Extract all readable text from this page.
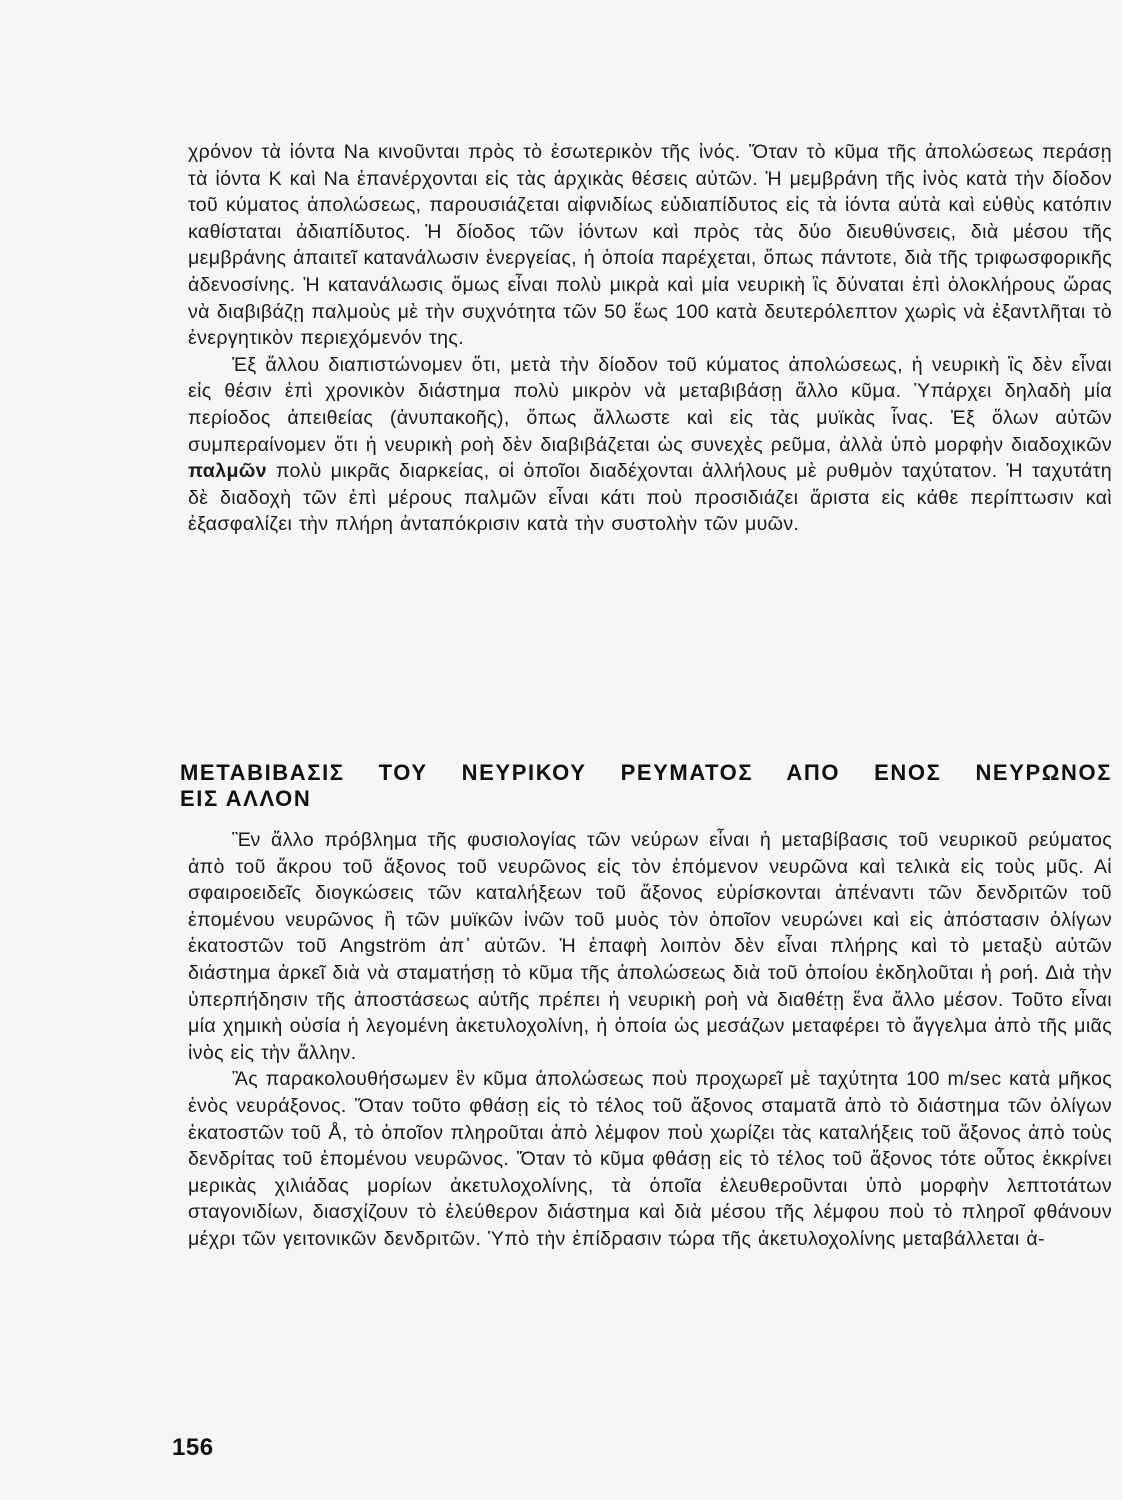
χρόνον τὰ ἰόντα Na κινοῦνται πρὸς τὸ ἐσωτερικὸν τῆς ἰνός. Ὅταν τὸ κῦμα τῆς ἀπολώσεως περάσῃ τὰ ἰόντα K καὶ Na ἐπανέρχονται εἰς τὰς ἀρχικὰς θέσεις αὐτῶν. Ἡ μεμβράνη τῆς ἰνὸς κατὰ τὴν δίοδον τοῦ κύματος ἀπολώσεως, παρουσιάζεται αἰφνιδίως εὐδιαπίδυτος εἰς τὰ ἰόντα αὐτὰ καὶ εὐθὺς κατόπιν καθίσταται ἀδιαπίδυτος. Ἡ δίοδος τῶν ἰόντων καὶ πρὸς τὰς δύο διευθύνσεις, διὰ μέσου τῆς μεμβράνης ἀπαιτεῖ κατανάλωσιν ἐνεργείας, ἡ ὁποία παρέχεται, ὅπως πάντοτε, διὰ τῆς τριφωσφορικῆς ἀδενοσίνης. Ἡ κατανάλωσις ὅμως εἶναι πολὺ μικρὰ καὶ μία νευρικὴ ἳς δύναται ἐπὶ ὁλοκλήρους ὥρας νὰ διαβιβάζῃ παλμοὺς μὲ τὴν συχνότητα τῶν 50 ἕως 100 κατὰ δευτερόλεπτον χωρὶς νὰ ἐξαντλῆται τὸ ἐνεργητικὸν περιεχόμενόν της.

Ἐξ ἄλλου διαπιστώνομεν ὅτι, μετὰ τὴν δίοδον τοῦ κύματος ἀπολώσεως, ἡ νευρικὴ ἳς δὲν εἶναι εἰς θέσιν ἐπὶ χρονικὸν διάστημα πολὺ μικρὸν νὰ μεταβιβάσῃ ἄλλο κῦμα. Ὑπάρχει δηλαδὴ μία περίοδος ἀπειθείας (ἀνυπακοῆς), ὅπως ἄλλωστε καὶ εἰς τὰς μυϊκὰς ἶνας. Ἐξ ὅλων αὐτῶν συμπεραίνομεν ὅτι ἡ νευρικὴ ροὴ δὲν διαβιβάζεται ὡς συνεχὲς ρεῦμα, ἀλλὰ ὑπὸ μορφὴν διαδοχικῶν παλμῶν πολὺ μικρᾶς διαρκείας, οἱ ὁποῖοι διαδέχονται ἀλλήλους μὲ ρυθμὸν ταχύτατον. Ἡ ταχυτάτη δὲ διαδοχὴ τῶν ἐπὶ μέρους παλμῶν εἶναι κάτι ποὺ προσιδιάζει ἄριστα εἰς κάθε περίπτωσιν καὶ ἐξασφαλίζει τὴν πλήρη ἀνταπόκρισιν κατὰ τὴν συστολὴν τῶν μυῶν.

ΜΕΤΑΒΙΒΑΣΙΣ ΤΟΥ ΝΕΥΡΙΚΟΥ ΡΕΥΜΑΤΟΣ ΑΠΟ ΕΝΟΣ ΝΕΥΡΩΝΟΣ
ΕΙΣ ΑΛΛΟΝ

Ἓν ἄλλο πρόβλημα τῆς φυσιολογίας τῶν νεύρων εἶναι ἡ μεταβίβασις τοῦ νευρικοῦ ρεύματος ἀπὸ τοῦ ἄκρου τοῦ ἄξονος τοῦ νευρῶνος εἰς τὸν ἑπόμενον νευρῶνα καὶ τελικὰ εἰς τοὺς μῦς. Αἱ σφαιροειδεῖς διογκώσεις τῶν καταλήξεων τοῦ ἄξονος εὑρίσκονται ἀπέναντι τῶν δενδριτῶν τοῦ ἑπομένου νευρῶνος ἢ τῶν μυϊκῶν ἰνῶν τοῦ μυὸς τὸν ὁποῖον νευρώνει καὶ εἰς ἀπόστασιν ὀλίγων ἑκατοστῶν τοῦ Angström ἀπ᾽ αὐτῶν. Ἡ ἐπαφὴ λοιπὸν δὲν εἶναι πλήρης καὶ τὸ μεταξὺ αὐτῶν διάστημα ἀρκεῖ διὰ νὰ σταματήσῃ τὸ κῦμα τῆς ἀπολώσεως διὰ τοῦ ὁποίου ἐκδηλοῦται ἡ ροή. Διὰ τὴν ὑπερπήδησιν τῆς ἀποστάσεως αὐτῆς πρέπει ἡ νευρικὴ ροὴ νὰ διαθέτῃ ἕνα ἄλλο μέσον. Τοῦτο εἶναι μία χημικὴ οὐσία ἡ λεγομένη ἀκετυλοχολίνη, ἡ ὁποία ὡς μεσάζων μεταφέρει τὸ ἄγγελμα ἀπὸ τῆς μιᾶς ἰνὸς εἰς τὴν ἄλλην.

Ἂς παρακολουθήσωμεν ἓν κῦμα ἀπολώσεως ποὺ προχωρεῖ μὲ ταχύτητα 100 m/sec κατὰ μῆκος ἑνὸς νευράξονος. Ὅταν τοῦτο φθάσῃ εἰς τὸ τέλος τοῦ ἄξονος σταματᾶ ἀπὸ τὸ διάστημα τῶν ὀλίγων ἑκατοστῶν τοῦ Å, τὸ ὁποῖον πληροῦται ἀπὸ λέμφον ποὺ χωρίζει τὰς καταλήξεις τοῦ ἄξονος ἀπὸ τοὺς δενδρίτας τοῦ ἑπομένου νευρῶνος. Ὅταν τὸ κῦμα φθάσῃ εἰς τὸ τέλος τοῦ ἄξονος τότε οὗτος ἐκκρίνει μερικὰς χιλιάδας μορίων ἀκετυλοχολίνης, τὰ ὁποῖα ἐλευθεροῦνται ὑπὸ μορφὴν λεπτοτάτων σταγονιδίων, διασχίζουν τὸ ἐλεύθερον διάστημα καὶ διὰ μέσου τῆς λέμφου ποὺ τὸ πληροῖ φθάνουν μέχρι τῶν γειτονικῶν δενδριτῶν. Ὑπὸ τὴν ἐπίδρασιν τώρα τῆς ἀκετυλοχολίνης μεταβάλλεται ἀ-

156
